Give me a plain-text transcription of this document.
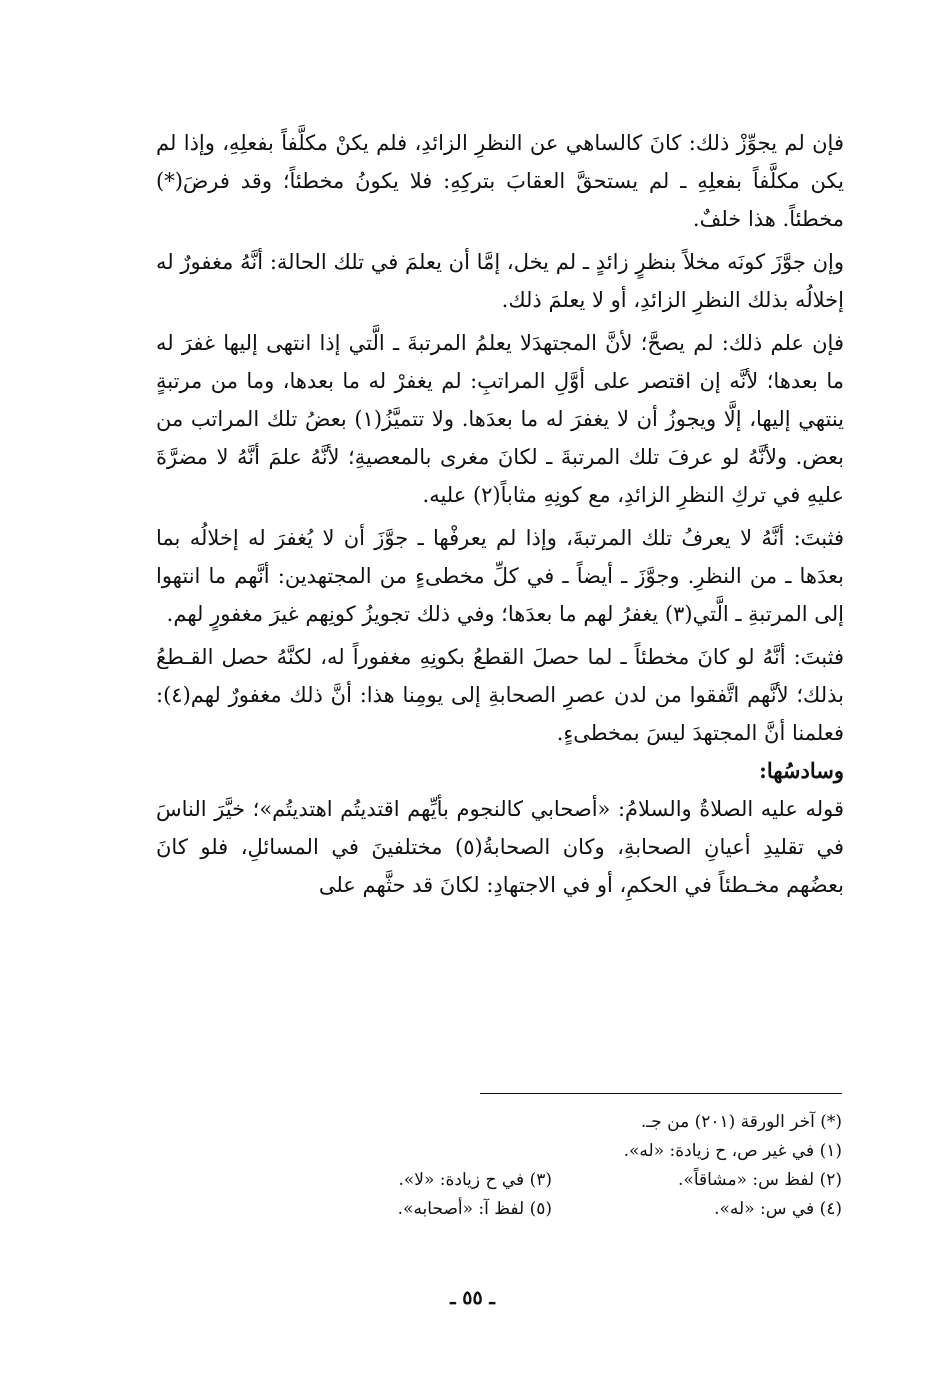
فإن لم يجوِّزْ ذلك: كانَ كالساهي عن النظرِ الزائدِ، فلم يكنْ مكلَّفاً بفعلِهِ، وإذا لم يكن مكلَّفاً بفعلِهِ ـ لم يستحقَّ العقابَ بتركِهِ: فلا يكونُ مخطئاً؛ وقد فرضَ(*) مخطئاً. هذا خلفٌ.

وإن جوَّزَ كونَه مخلاً بنظرٍ زائدٍ ـ لم يخل، إمَّا أن يعلمَ في تلك الحالة: أنَّهُ مغفورٌ له إخلالُه بذلك النظرِ الزائدِ، أو لا يعلمَ ذلك.

فإن علم ذلك: لم يصحَّ؛ لأنَّ المجتهدَلا يعلمُ المرتبةَ ـ الَّتي إذا انتهى إليها غفرَ له ما بعدها؛ لأنَّه إن اقتصر على أوَّلِ المراتبِ: لم يغفرْ له ما بعدها، وما من مرتبةٍ ينتهي إليها، إلَّا ويجوزُ أن لا يغفرَ له ما بعدَها. ولا تتميَّزُ(١) بعضُ تلك المراتب من بعض. ولأنَّهُ لو عرفَ تلك المرتبةَ ـ لكانَ مغرى بالمعصيةِ؛ لأنَّهُ علمَ أنَّهُ لا مضرَّةَ عليهِ في تركِ النظرِ الزائدِ، مع كونِهِ مثاباً(٢) عليه.

فثبتَ: أنَّهُ لا يعرفُ تلك المرتبةَ، وإذا لم يعرفْها ـ جوَّزَ أن لا يُغفرَ له إخلالُه بما بعدَها ـ من النظرِ. وجوَّزَ ـ أيضاً ـ في كلِّ مخطىءٍ من المجتهدين: أنَّهم ما انتهوا إلى المرتبةِ ـ الَّتي(٣) يغفرُ لهم ما بعدَها؛ وفي ذلك تجويزُ كونِهم غيرَ مغفورٍ لهم.

فثبتَ: أنَّهُ لو كانَ مخطئاً ـ لما حصلَ القطعُ بكونِهِ مغفوراً له، لكنَّهُ حصل القـطعُ بذلك؛ لأنَّهم اتَّفقوا من لدن عصرِ الصحابةِ إلى يومِنا هذا: أنَّ ذلك مغفورٌ لهم(٤): فعلمنا أنَّ المجتهدَ ليسَ بمخطىءٍ.

وسادسُها:

قوله عليه الصلاةُ والسلامُ: «أصحابي كالنجوم بأيِّهم اقتديتُم اهتديتُم»؛ خيَّرَ الناسَ في تقليدِ أعيانِ الصحابةِ، وكان الصحابةُ(٥) مختلفينَ في المسائلِ، فلو كانَ بعضُهم مخـطئاً في الحكمِ، أو في الاجتهادِ: لكانَ قد حثَّهم على

(*) آخر الورقة (٢٠١) من جـ.

(١) في غير ص، ح زيادة: «له».

(٢) لفظ س: «مشاقاً».
(٣) في ح زيادة: «لا».
(٤) في س: «له».
(٥) لفظ آ: «أصحابه».
ـ ٥٥ ـ
